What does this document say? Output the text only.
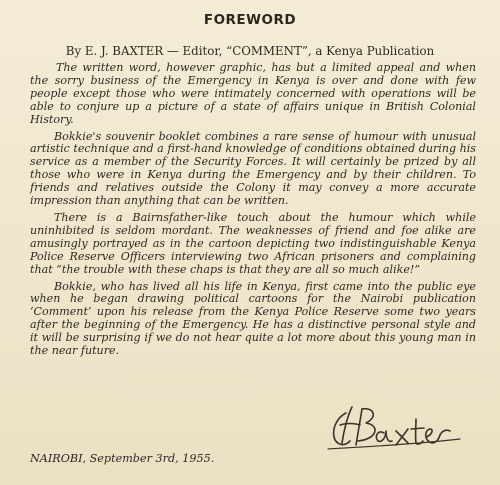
FOREWORD
By E. J. BAXTER — Editor, “COMMENT”, a Kenya Publication

The written word, however graphic, has but a limited appeal and when the sorry business of the Emergency in Kenya is over and done with few people except those who were intimately concerned with operations will be able to conjure up a picture of a state of affairs unique in British Colonial History.

Bokkie's souvenir booklet combines a rare sense of humour with unusual artistic technique and a first-hand knowledge of conditions obtained during his service as a member of the Security Forces. It will certainly be prized by all those who were in Kenya during the Emergency and by their children. To friends and relatives outside the Colony it may convey a more accurate impression than anything that can be written.

There is a Bairnsfather-like touch about the humour which while uninhibited is seldom mordant. The weaknesses of friend and foe alike are amusingly portrayed as in the cartoon depicting two indistinguishable Kenya Police Reserve Officers interviewing two African prisoners and complaining that “the trouble with these chaps is that they are all so much alike!”

Bokkie, who has lived all his life in Kenya, first came into the public eye when he began drawing political cartoons for the Nairobi publication ‘Comment’ upon his release from the Kenya Police Reserve some two years after the beginning of the Emergency. He has a distinctive personal style and it will be surprising if we do not hear quite a lot more about this young man in the near future.

NAIROBI, September 3rd, 1955.
